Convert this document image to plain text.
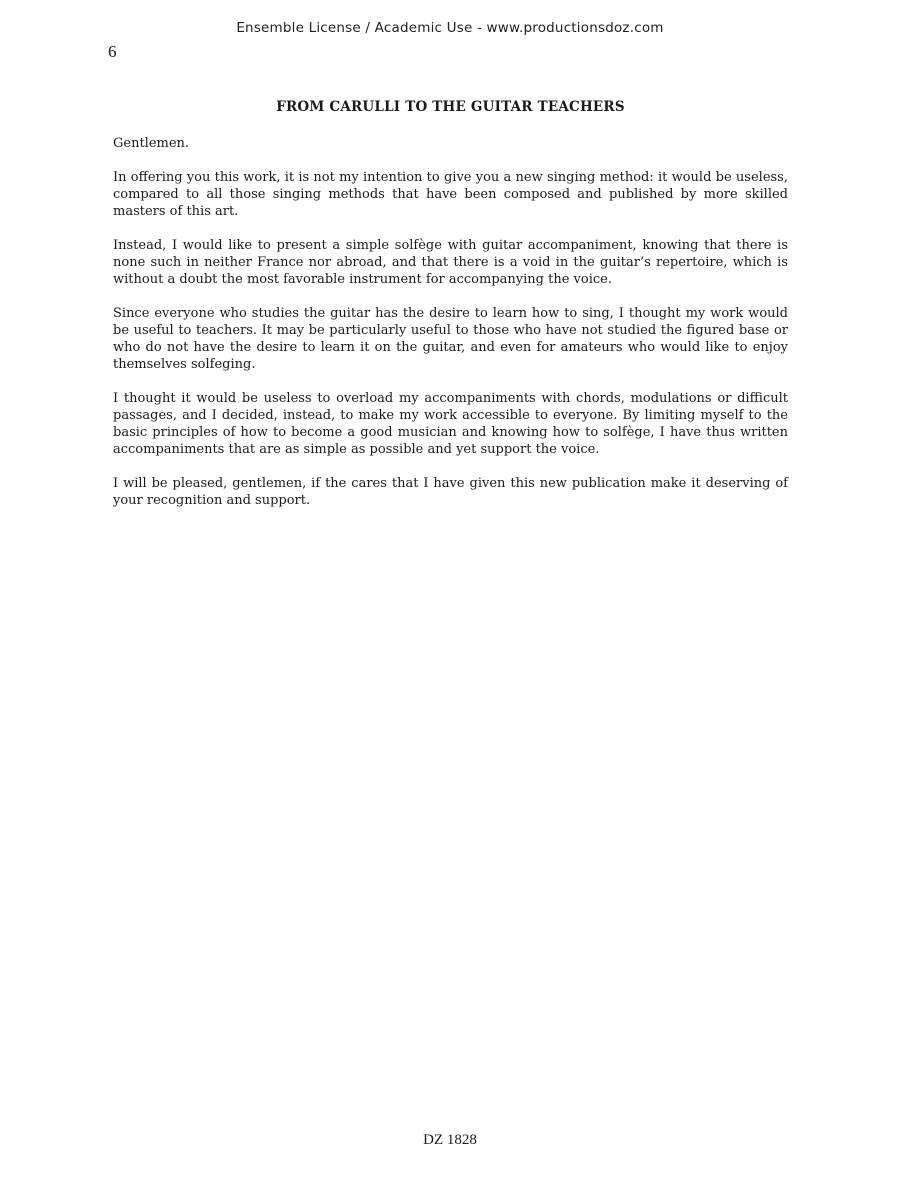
Ensemble License / Academic Use - www.productionsdoz.com
6
FROM CARULLI TO THE GUITAR TEACHERS

Gentlemen.

In offering you this work, it is not my intention to give you a new singing method: it would be useless, compared to all those singing methods that have been composed and published by more skilled masters of this art.

Instead, I would like to present a simple solfège with guitar accompaniment, knowing that there is none such in neither France nor abroad, and that there is a void in the guitar’s repertoire, which is without a doubt the most favorable instrument for accompanying the voice.

Since everyone who studies the guitar has the desire to learn how to sing, I thought my work would be useful to teachers. It may be particularly useful to those who have not studied the figured base or who do not have the desire to learn it on the guitar, and even for amateurs who would like to enjoy themselves solfeging.

I thought it would be useless to overload my accompaniments with chords, modulations or difficult passages, and I decided, instead, to make my work accessible to everyone. By limiting myself to the basic principles of how to become a good musician and knowing how to solfège, I have thus written accompaniments that are as simple as possible and yet support the voice.

I will be pleased, gentlemen, if the cares that I have given this new publication make it deserving of your recognition and support.

DZ 1828
